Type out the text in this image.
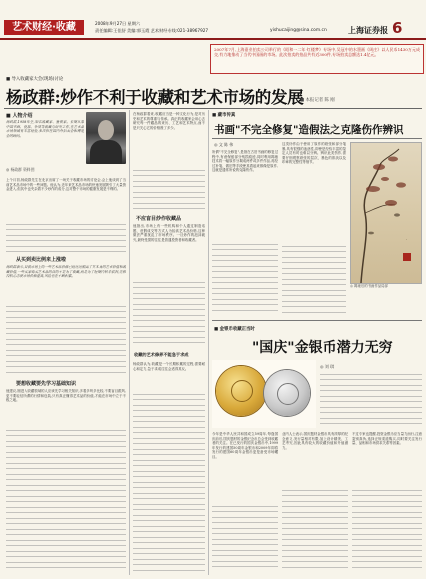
艺术财经·收藏	2008年9月27日 星期六
责任编辑:王佳舒 美编:郭玉霞 艺术财经专线:021-38967927	yishucaijing@sina.com.cn	上海证券报 6
2007年7月,上海嘉业拍卖公司举行的《昭和一二年·红楼梦》专场中,吴冠中的水墨画《周庄》以人民币1430万元成交,有力地推动了当代中国画的市场。此次拍卖的拍品共有近300件,专场拍卖总额达1.4亿元。
■ 导入收藏家大会(现场)讨论
杨政群:炒作不利于收藏和艺术市场的发展
■ 本报记者 陈 刚
■ 人物介绍
杨政群,1958年生,知名收藏家、鉴赏家。长期从事中国书画、瓷器、杂项等收藏与研究工作,在艺术品市场领域有丰富经验,多次担任国内外拍卖会和博览会的顾问。
◎ 杨政群 资料图
上个月初,杨政群先生在北京出席了一场关于收藏市场的讨论会,会上他谈到了当前艺术品市场中的一些问题。他认为,近年来艺术品市场的快速发展吸引了大量资金进入,但其中也夹杂着不少炒作的成分,这对整个市场的健康发展是不利的。
从买到卖比例来上涨啦
杨政群表示,目前市场上的一些艺术品价格已经远远脱离了其本身的艺术价值和收藏价值,一些买家购买艺术品的目的不是为了收藏,而是为了短期内转手获利,这种投机心态使市场价格虚高,风险也在不断积累。
要想收藏要先学习基础知识
他建议,刚进入收藏领域的人应该先学习相关知识,多看多听多比较,不要盲目跟风,更不要轻信所谓的行情和包装,只有真正懂得艺术品的价值,才能在市场中立于不败之地。
在杨政群看来,收藏应当是一种文化行为,是对历史和艺术的尊重与传承。真正的收藏家会用心去研究每一件藏品的来历、工艺和艺术特点,而不是只关心它的价格涨了多少。
不应盲目炒作收藏品
他指出,市场上有一些机构和个人通过制造话题、虚假成交等方式人为抬高艺术品价格,这种做法严重扰乱了市场秩序。一旦炒作的泡沫破灭,最终受损的往往是普通投资者和收藏者。
收藏的艺术修养不能急于求成
杨政群认为,收藏是一个长期积累的过程,需要耐心和定力,急于求成往往会适得其反。
■ 藏市传真
书画"不完全修复"造假法之克隆伤作辨识
◎ 文 陈 伟
所谓"不完全修复",是指在古旧书画的修复过程中,有意保留部分残损痕迹,同时利用揭裱技术将一幅原作分揭成两件或多件作品,再经过补笔、做旧等手段使其看起来都像是原作,这就是通常所说的克隆伤作。
这类伪作由于使用了原作的纸张和部分笔墨,具有很强的迷惑性,即使是经验丰富的鉴定人员有时也难以分辨。辨识此类伤作,需要仔细观察纸张的层次、墨色的浓淡以及印章的完整性等细节。
·
◎ 揭裱后的书画作品局部
■ 金银币收藏正当时
"国庆"金银币潜力无穷
今年是中华人民共和国成立59周年,每逢国庆前后,国庆题材的金银纪念币总会受到收藏者的关注。在已发行的国庆金银币中,1999年发行的建国50周年金银币和2009年即将发行的建国60周年金银币更是备受市场瞩目。
◎ 刘 琪
业内人士表示,国庆题材金银币具有浓厚的纪念意义,发行量相对有限,加上设计精美、工艺考究,因此具有较大的收藏价值和升值潜力。
不过专家也提醒,投资金银币应当量力而行,注意鉴别真伪,选择正规渠道购买,同时要关注发行量、品相和市场供求关系等因素。
